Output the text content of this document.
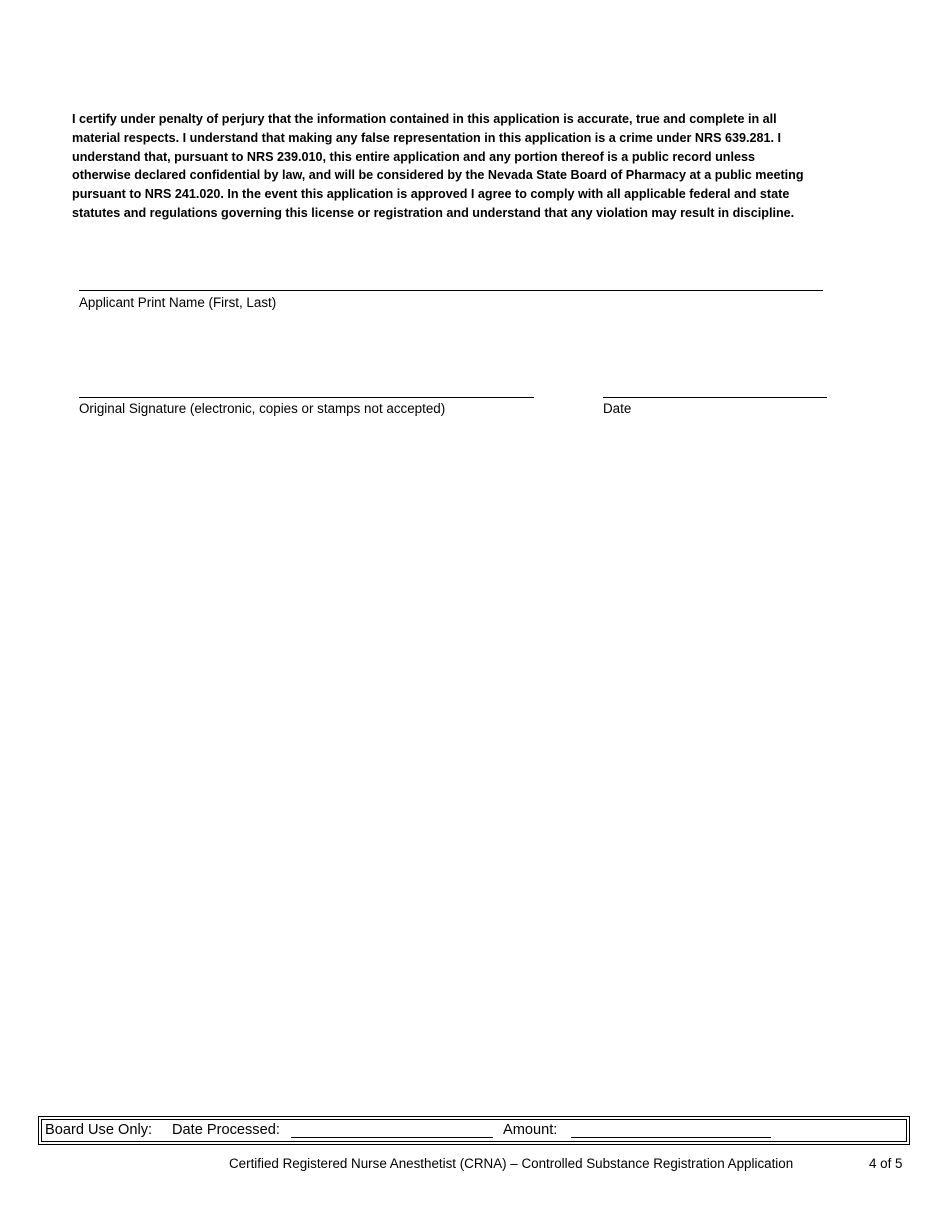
I certify under penalty of perjury that the information contained in this application is accurate, true and complete in all
material respects. I understand that making any false representation in this application is a crime under NRS 639.281. I
understand that, pursuant to NRS 239.010, this entire application and any portion thereof is a public record unless
otherwise declared confidential by law, and will be considered by the Nevada State Board of Pharmacy at a public meeting
pursuant to NRS 241.020. In the event this application is approved I agree to comply with all applicable federal and state
statutes and regulations governing this license or registration and understand that any violation may result in discipline.
Applicant Print Name (First, Last)
Original Signature (electronic, copies or stamps not accepted)	Date
Board Use Only: Date Processed:	Amount:
Certified Registered Nurse Anesthetist (CRNA) – Controlled Substance Registration Application	4 of 5
